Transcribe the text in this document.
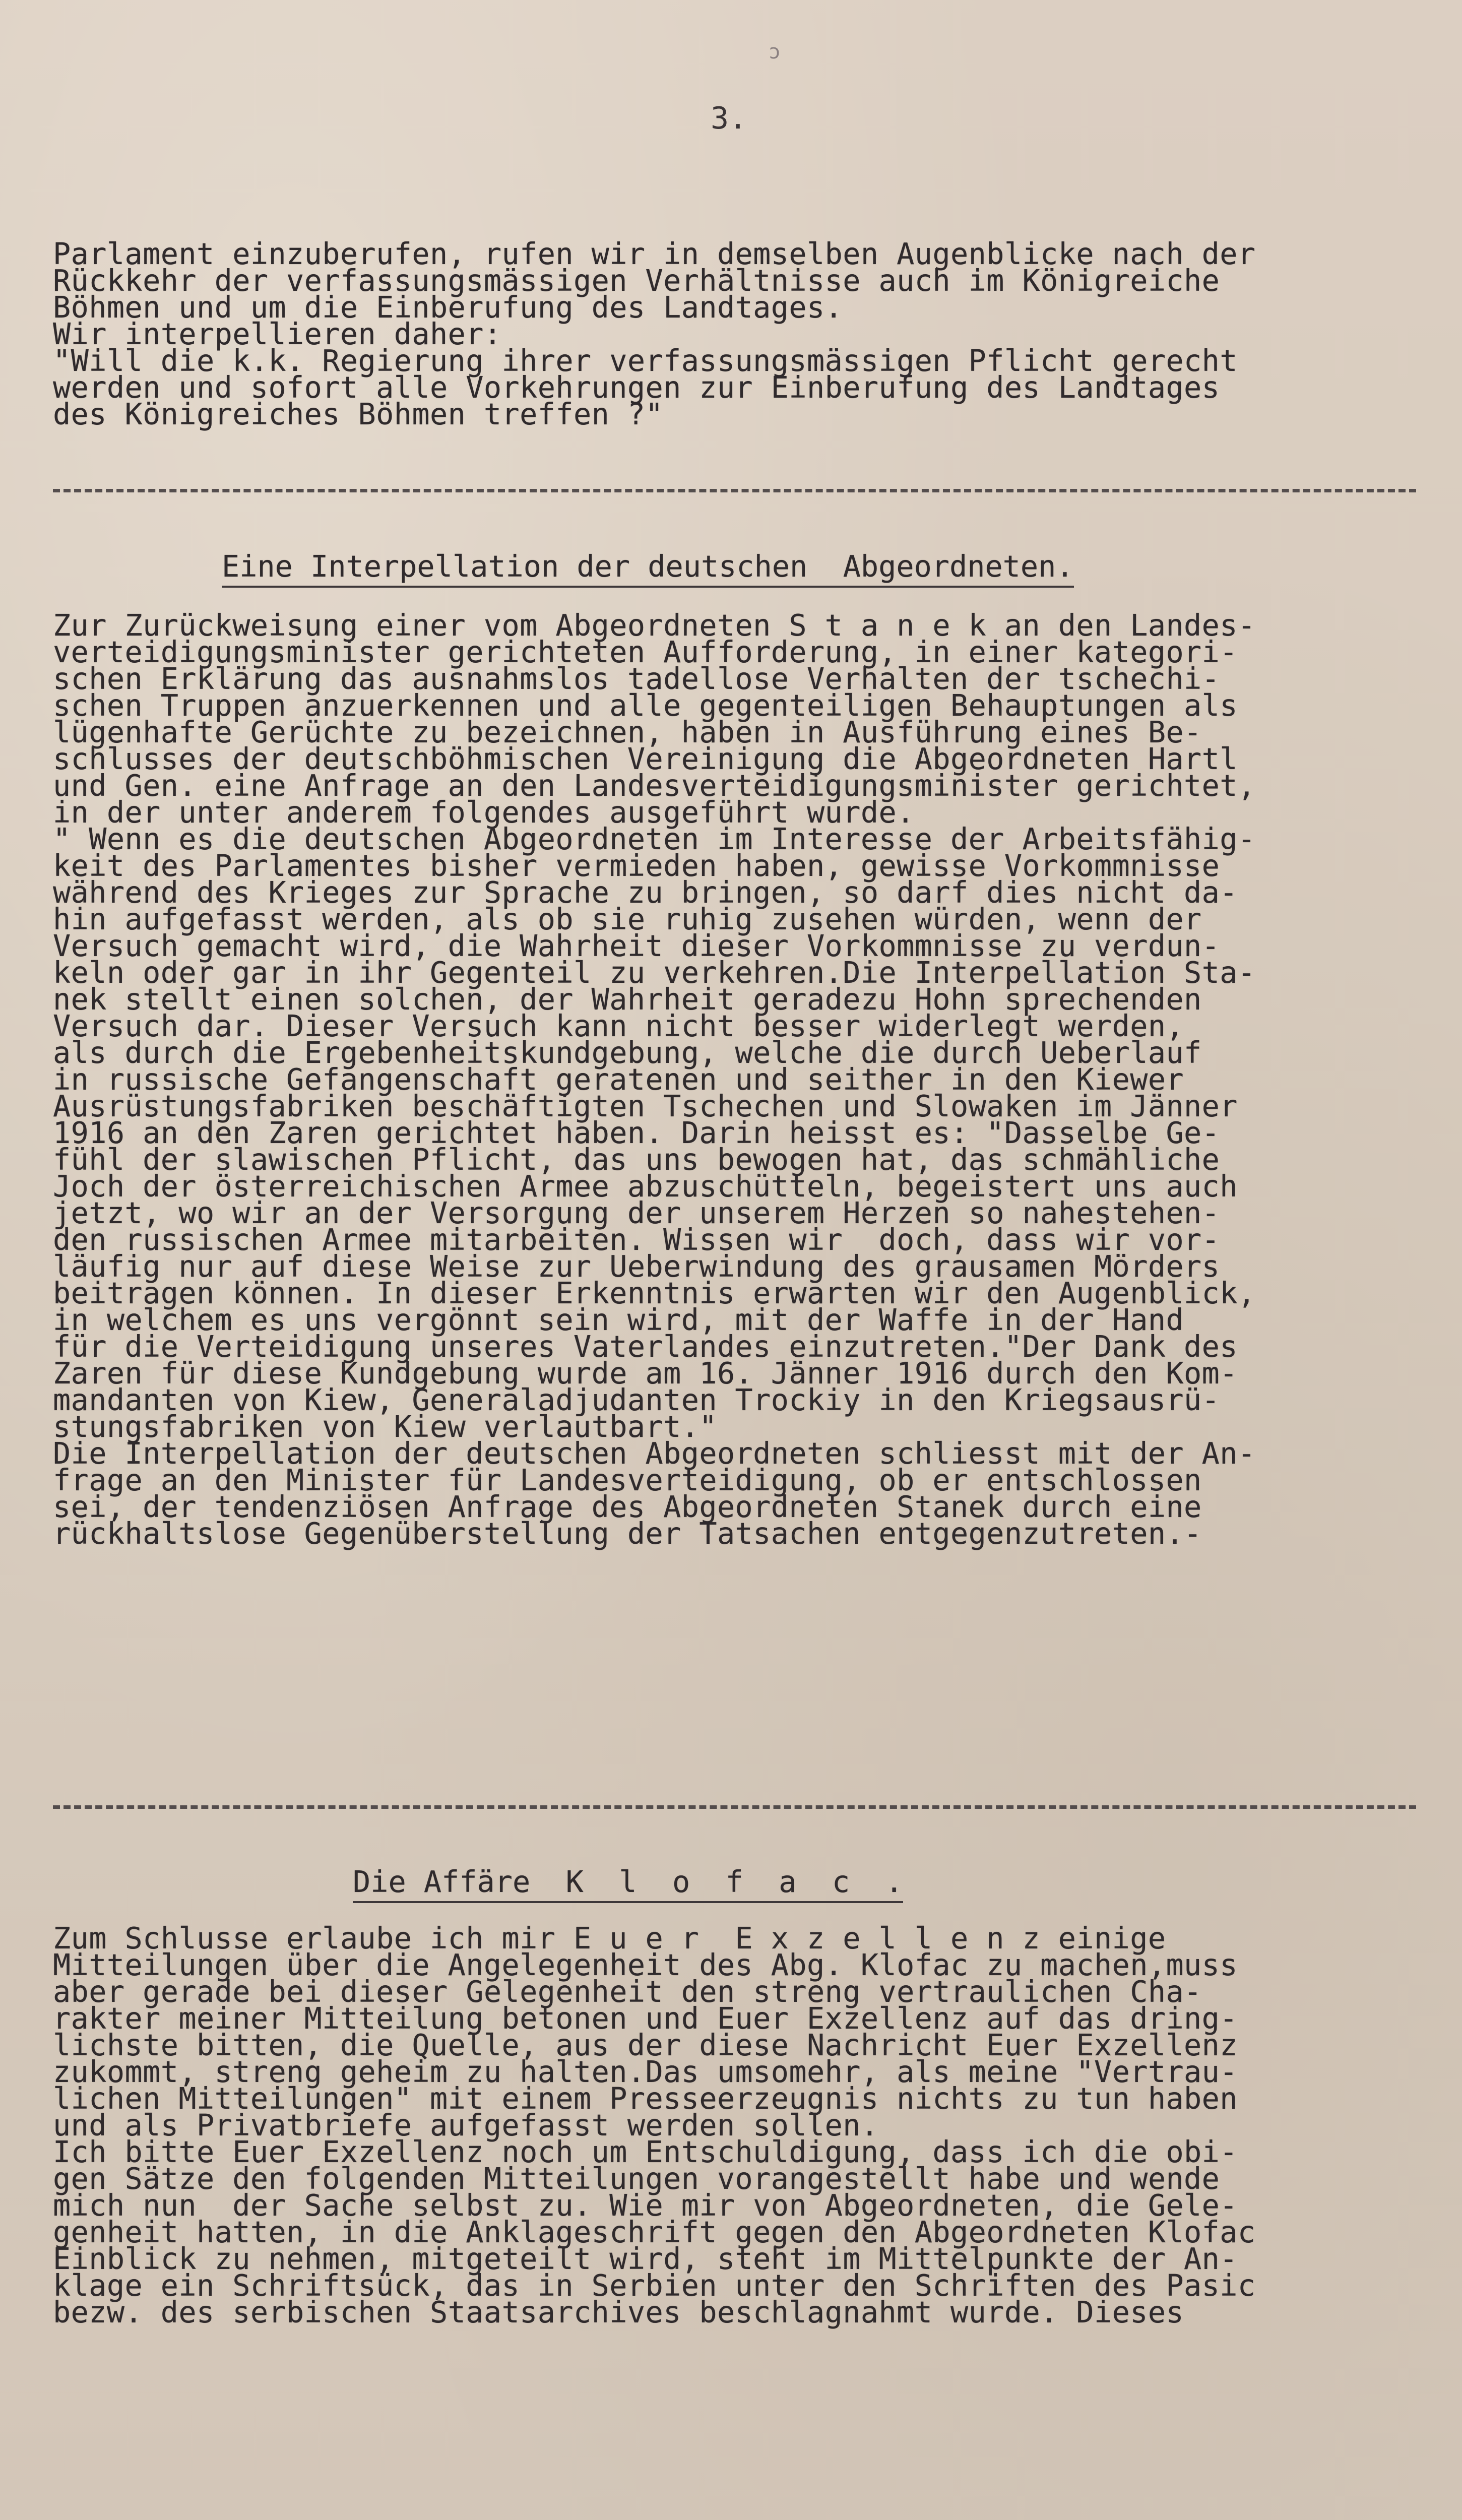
ͻ
3.
Parlament einzuberufen, rufen wir in demselben Augenblicke nach der
Rückkehr der verfassungsmässigen Verhältnisse auch im Königreiche
Böhmen und um die Einberufung des Landtages.
Wir interpellieren daher:
"Will die k.k. Regierung ihrer verfassungsmässigen Pflicht gerecht
werden und sofort alle Vorkehrungen zur Einberufung des Landtages
des Königreiches Böhmen treffen ?"
Eine Interpellation der deutschen  Abgeordneten.
Zur Zurückweisung einer vom Abgeordneten S t a n e k an den Landes-
verteidigungsminister gerichteten Aufforderung, in einer kategori-
schen Erklärung das ausnahmslos tadellose Verhalten der tschechi-
schen Truppen anzuerkennen und alle gegenteiligen Behauptungen als
lügenhafte Gerüchte zu bezeichnen, haben in Ausführung eines Be-
schlusses der deutschböhmischen Vereinigung die Abgeordneten Hartl
und Gen. eine Anfrage an den Landesverteidigungsminister gerichtet,
in der unter anderem folgendes ausgeführt wurde.
" Wenn es die deutschen Abgeordneten im Interesse der Arbeitsfähig-
keit des Parlamentes bisher vermieden haben, gewisse Vorkommnisse
während des Krieges zur Sprache zu bringen, so darf dies nicht da-
hin aufgefasst werden, als ob sie ruhig zusehen würden, wenn der
Versuch gemacht wird, die Wahrheit dieser Vorkommnisse zu verdun-
keln oder gar in ihr Gegenteil zu verkehren.Die Interpellation Sta-
nek stellt einen solchen, der Wahrheit geradezu Hohn sprechenden
Versuch dar. Dieser Versuch kann nicht besser widerlegt werden,
als durch die Ergebenheitskundgebung, welche die durch Ueberlauf
in russische Gefangenschaft geratenen und seither in den Kiewer
Ausrüstungsfabriken beschäftigten Tschechen und Slowaken im Jänner
1916 an den Zaren gerichtet haben. Darin heisst es: "Dasselbe Ge-
fühl der slawischen Pflicht, das uns bewogen hat, das schmähliche
Joch der österreichischen Armee abzuschütteln, begeistert uns auch
jetzt, wo wir an der Versorgung der unserem Herzen so nahestehen-
den russischen Armee mitarbeiten. Wissen wir  doch, dass wir vor-
läufig nur auf diese Weise zur Ueberwindung des grausamen Mörders
beitragen können. In dieser Erkenntnis erwarten wir den Augenblick,
in welchem es uns vergönnt sein wird, mit der Waffe in der Hand
für die Verteidigung unseres Vaterlandes einzutreten."Der Dank des
Zaren für diese Kundgebung wurde am 16. Jänner 1916 durch den Kom-
mandanten von Kiew, Generaladjudanten Trockiy in den Kriegsausrü-
stungsfabriken von Kiew verlautbart."
Die Interpellation der deutschen Abgeordneten schliesst mit der An-
frage an den Minister für Landesverteidigung, ob er entschlossen
sei, der tendenziösen Anfrage des Abgeordneten Stanek durch eine
rückhaltslose Gegenüberstellung der Tatsachen entgegenzutreten.-
Die Affäre  K  l  o  f  a  c  .
Zum Schlusse erlaube ich mir E u e r  E x z e l l e n z einige
Mitteilungen über die Angelegenheit des Abg. Klofac zu machen,muss
aber gerade bei dieser Gelegenheit den streng vertraulichen Cha-
rakter meiner Mitteilung betonen und Euer Exzellenz auf das dring-
lichste bitten, die Quelle, aus der diese Nachricht Euer Exzellenz
zukommt, streng geheim zu halten.Das umsomehr, als meine "Vertrau-
lichen Mitteilungen" mit einem Presseerzeugnis nichts zu tun haben
und als Privatbriefe aufgefasst werden sollen.
Ich bitte Euer Exzellenz noch um Entschuldigung, dass ich die obi-
gen Sätze den folgenden Mitteilungen vorangestellt habe und wende
mich nun  der Sache selbst zu. Wie mir von Abgeordneten, die Gele-
genheit hatten, in die Anklageschrift gegen den Abgeordneten Klofac
Einblick zu nehmen, mitgeteilt wird, steht im Mittelpunkte der An-
klage ein Schriftsück, das in Serbien unter den Schriften des Pasic
bezw. des serbischen Staatsarchives beschlagnahmt wurde. Dieses
